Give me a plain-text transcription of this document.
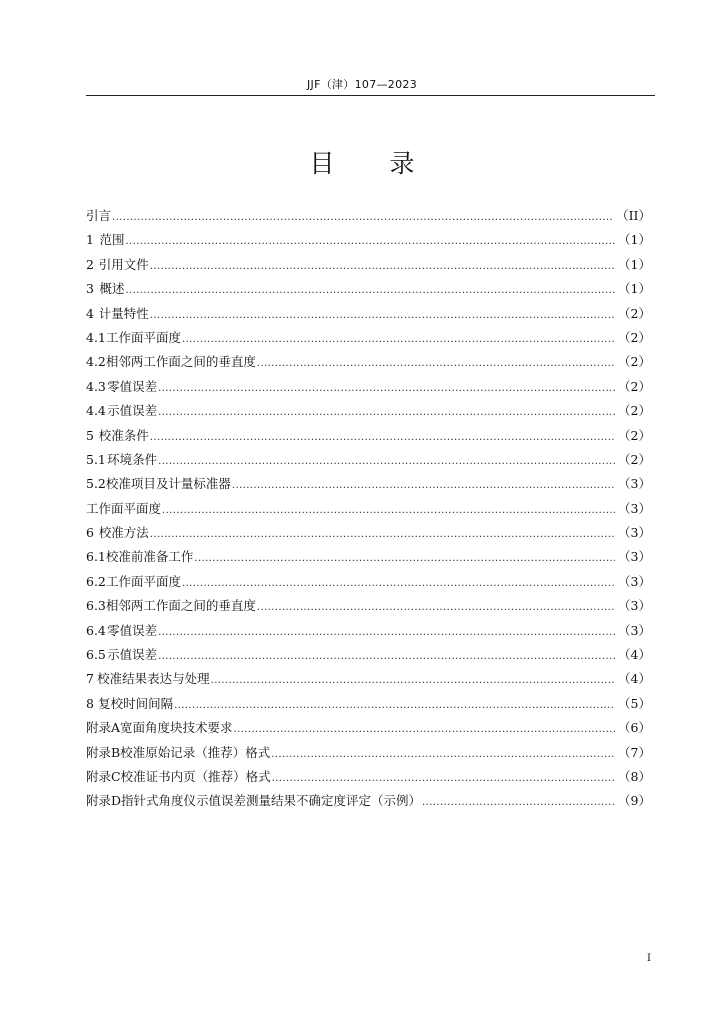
JJF（津）107—2023
目录
引言 .....	（II）
1 范围 .....	（1）
2 引用文件 .....	（1）
3 概述 .....	（1）
4 计量特性 .....	（2）
4.1 工作面平面度 .....	（2）
4.2 相邻两工作面之间的垂直度 .....	（2）
4.3 零值误差 .....	（2）
4.4 示值误差 .....	（2）
5 校准条件 .....	（2）
5.1 环境条件 .....	（2）
5.2 校准项目及计量标准器 .....	（3）
工作面平面度 .....	（3）
6 校准方法 .....	（3）
6.1 校准前准备工作 .....	（3）
6.2 工作面平面度 .....	（3）
6.3 相邻两工作面之间的垂直度 .....	（3）
6.4 零值误差 .....	（3）
6.5 示值误差 .....	（4）
7 校准结果表达与处理 .....	（4）
8 复校时间间隔 .....	（5）
附录A 宽面角度块技术要求 .....	（6）
附录B 校准原始记录（推荐）格式 .....	（7）
附录C 校准证书内页（推荐）格式 .....	（8）
附录D 指针式角度仪示值误差测量结果不确定度评定（示例） .....	（9）
I
